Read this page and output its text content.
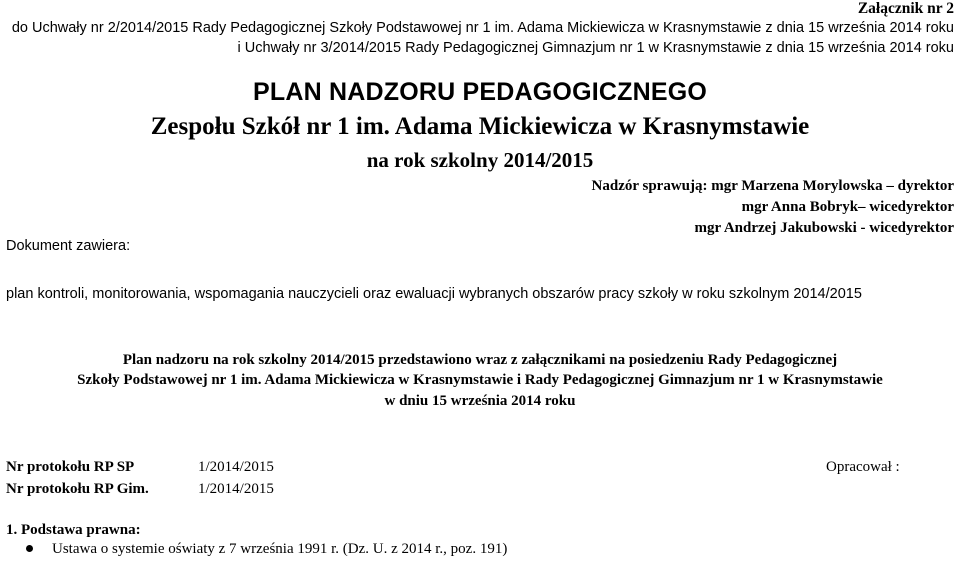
Załącznik nr 2
do Uchwały nr 2/2014/2015 Rady Pedagogicznej Szkoły Podstawowej nr 1 im. Adama Mickiewicza w Krasnymstawie z dnia 15 września 2014 roku
i Uchwały nr 3/2014/2015 Rady Pedagogicznej Gimnazjum nr 1 w Krasnymstawie z dnia 15 września 2014 roku
PLAN NADZORU PEDAGOGICZNEGO
Zespołu Szkół nr 1 im. Adama Mickiewicza w Krasnymstawie
na rok szkolny 2014/2015
Nadzór sprawują: mgr Marzena Morylowska – dyrektor
mgr Anna Bobryk– wicedyrektor
mgr Andrzej Jakubowski - wicedyrektor
Dokument zawiera:
plan kontroli, monitorowania, wspomagania nauczycieli oraz ewaluacji wybranych obszarów pracy szkoły w roku szkolnym 2014/2015
Plan nadzoru na rok szkolny 2014/2015 przedstawiono wraz z załącznikami na posiedzeniu Rady Pedagogicznej
Szkoły Podstawowej nr 1 im. Adama Mickiewicza w Krasnymstawie i Rady Pedagogicznej Gimnazjum nr 1 w Krasnymstawie
w dniu 15 września 2014 roku
Nr protokołu RP SP	1/2014/2015	Opracował :
Nr protokołu RP Gim.	1/2014/2015
1. Podstawa prawna:
Ustawa o systemie oświaty z 7 września 1991 r. (Dz. U. z 2014 r., poz. 191)
